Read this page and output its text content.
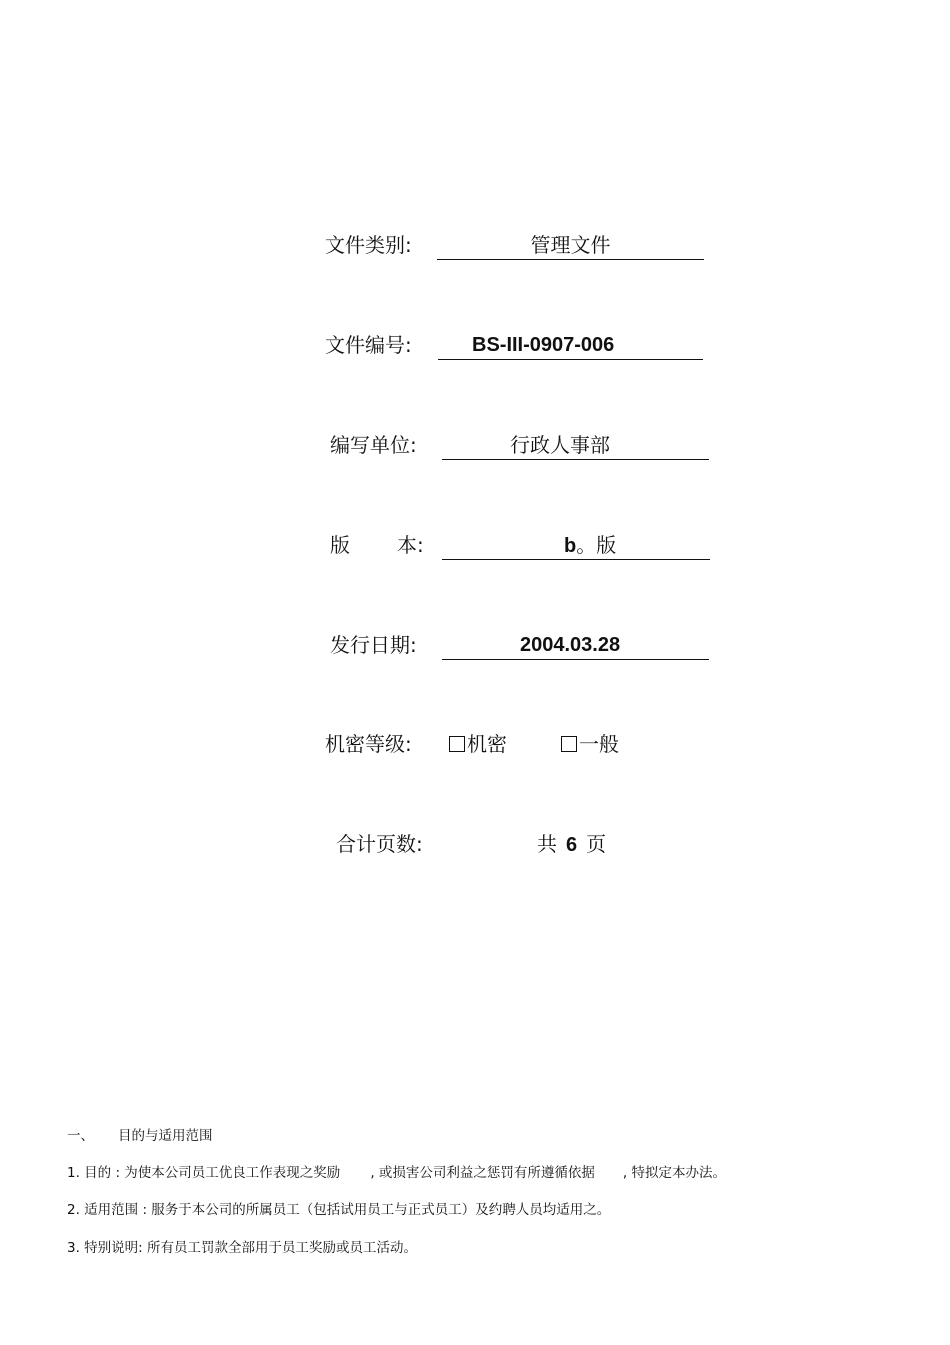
文件类别:	管理文件
文件编号:	BS-III-0907-006
编写单位:	行政人事部
版 本:	b。版
发行日期:	2004.03.28
机密等级:	机密	一般
合计页数:	共 6 页
一、 目的与适用范围
1. 目的 : 为使本公司员工优良工作表现之奖励 , 或损害公司利益之惩罚有所遵循依据 , 特拟定本办法。
2. 适用范围 : 服务于本公司的所属员工（包括试用员工与正式员工）及约聘人员均适用之。
3. 特别说明: 所有员工罚款全部用于员工奖励或员工活动。
